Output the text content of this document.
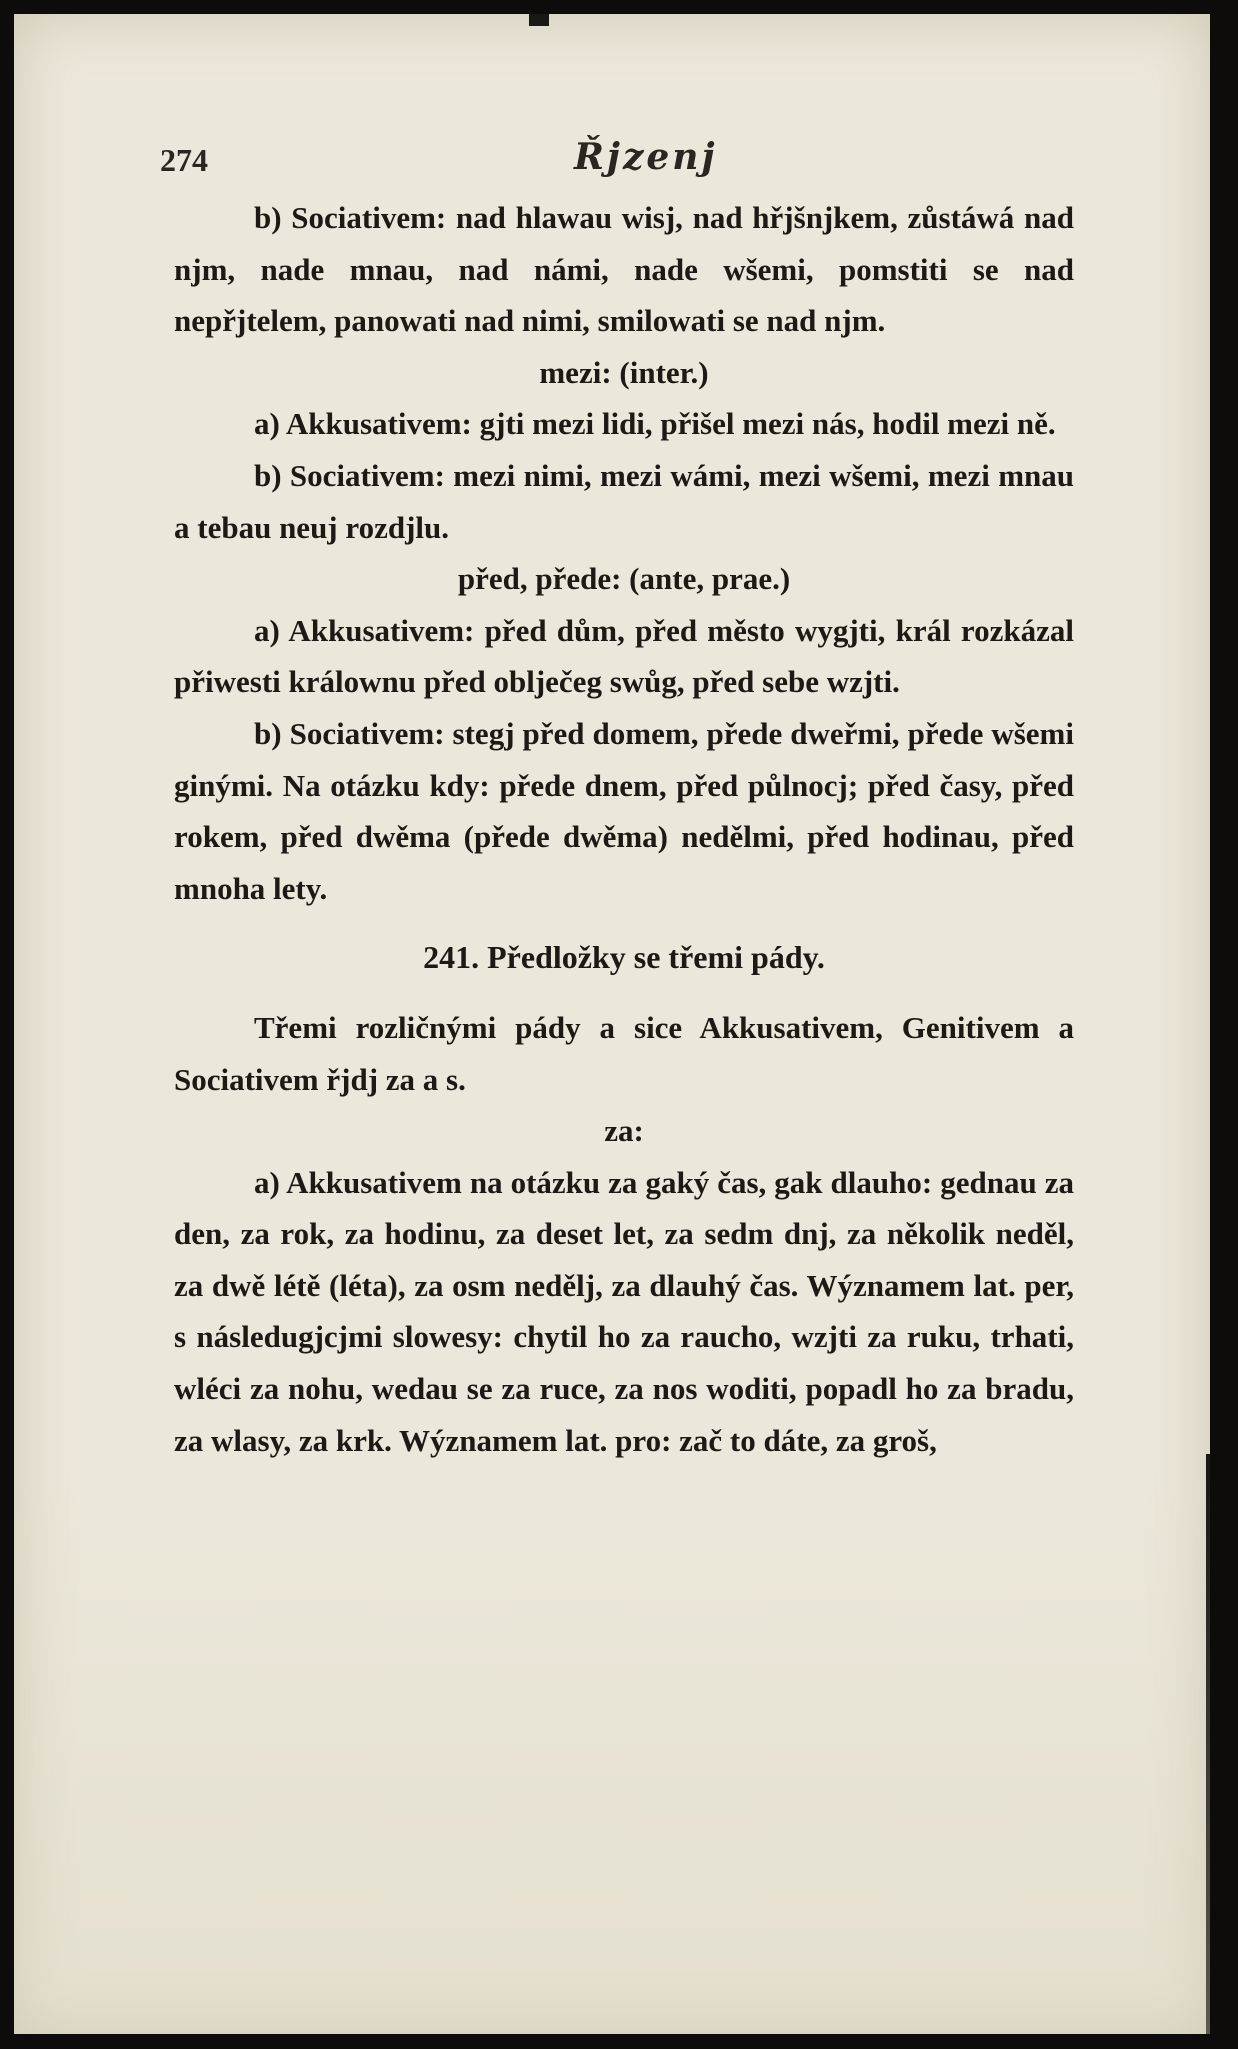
274	Řjzenj

b) Sociativem: nad hlawau wisj, nad hřjšnjkem, zůstáwá nad njm, nade mnau, nad námi, nade wšemi, pomstiti se nad nepřjtelem, panowati nad nimi, smilowati se nad njm.

mezi: (inter.)

a) Akkusativem: gjti mezi lidi, přišel mezi nás, hodil mezi ně.

b) Sociativem: mezi nimi, mezi wámi, mezi wšemi, mezi mnau a tebau neuj rozdjlu.

před, přede: (ante, prae.)

a) Akkusativem: před dům, před město wygjti, král rozkázal přiwesti králownu před oblječeg swůg, před sebe wzjti.

b) Sociativem: stegj před domem, přede dweřmi, přede wšemi ginými. Na otázku kdy: přede dnem, před půlnocj; před časy, před rokem, před dwěma (přede dwěma) nedělmi, před hodinau, před mnoha lety.

241. Předložky se třemi pády.

Třemi rozličnými pády a sice Akkusativem, Genitivem a Sociativem řjdj za a s.

za:

a) Akkusativem na otázku za gaký čas, gak dlauho: gednau za den, za rok, za hodinu, za deset let, za sedm dnj, za několik neděl, za dwě létě (léta), za osm nedělj, za dlauhý čas. Wýznamem lat. per, s následugjcjmi slowesy: chytil ho za raucho, wzjti za ruku, trhati, wléci za nohu, wedau se za ruce, za nos woditi, popadl ho za bradu, za wlasy, za krk. Wýznamem lat. pro: zač to dáte, za groš,
